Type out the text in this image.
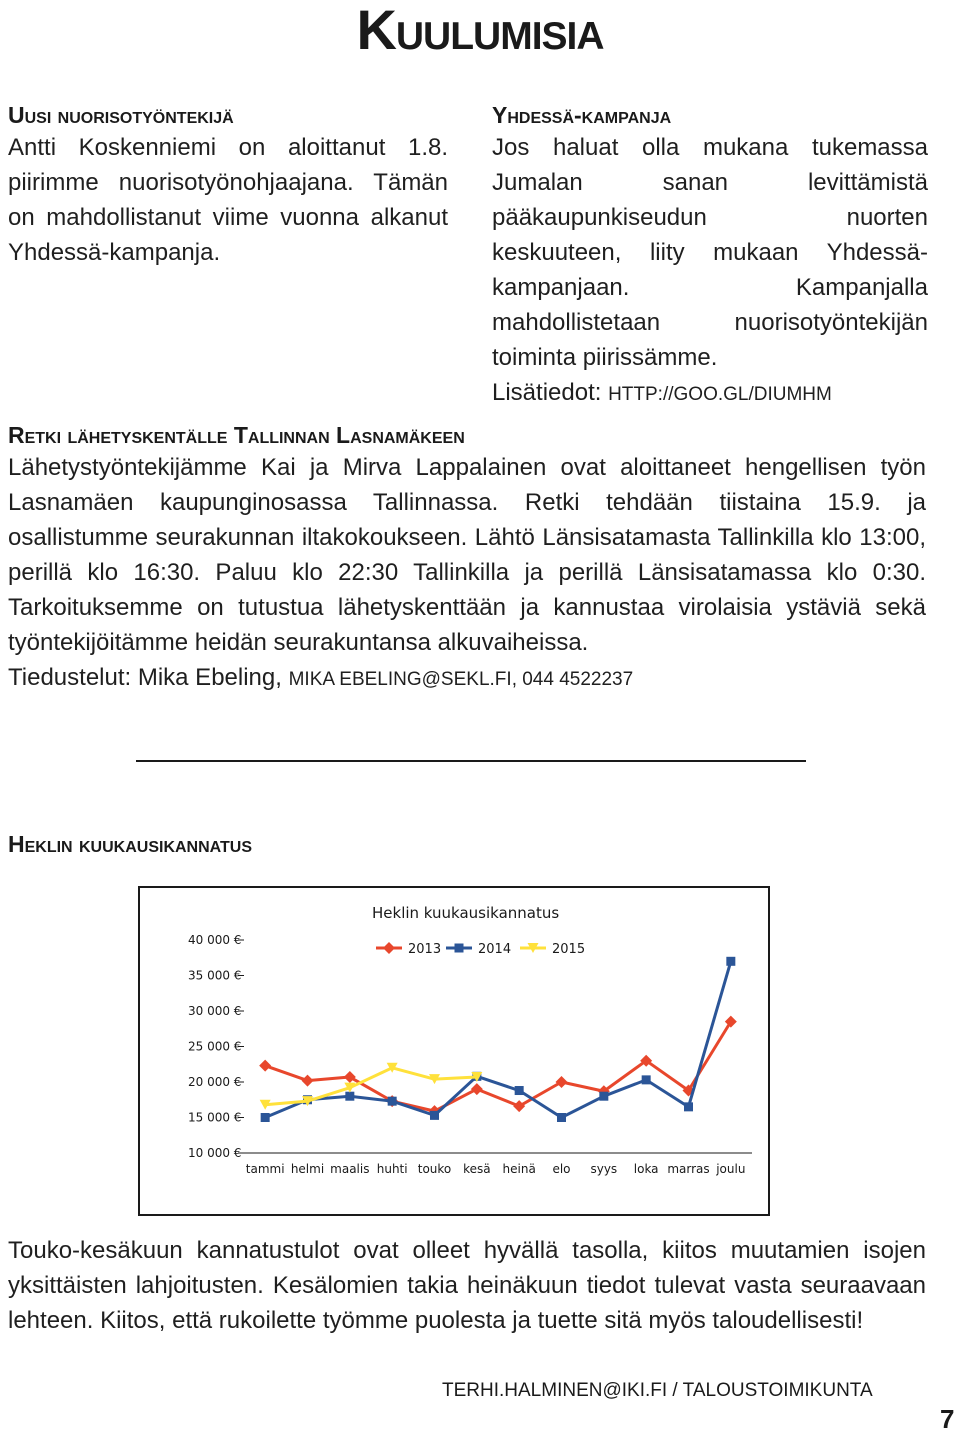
Kuulumisia
Uusi nuorisotyöntekijä

Antti Koskenniemi on aloittanut 1.8. piirimme nuorisotyönohjaajana. Tämän on mahdollistanut viime vuonna alkanut Yhdessä-kampanja.

Yhdessä-kampanja

Jos haluat olla mukana tukemassa Jumalan sanan levittämistä pääkaupunkiseudun nuorten keskuuteen, liity mukaan Yhdessä-kampanjaan. Kampanjalla mahdollistetaan nuorisotyöntekijän toiminta piirissämme.

Lisätiedot: HTTP://GOO.GL/DIUMHM

Retki lähetyskentälle Tallinnan Lasnamäkeen

Lähetystyöntekijämme Kai ja Mirva Lappalainen ovat aloittaneet hengellisen työn Lasnamäen kaupunginosassa Tallinnassa. Retki tehdään tiistaina 15.9. ja osallistumme seurakunnan iltakokoukseen. Lähtö Länsisatamasta Tallinkilla klo 13:00, perillä klo 16:30. Paluu klo 22:30 Tallinkilla ja perillä Länsisatamassa klo 0:30. Tarkoituksemme on tutustua lähetyskenttään ja kannustaa virolaisia ystäviä sekä työntekijöitämme heidän seurakuntansa alkuvaiheissa.

Tiedustelut: Mika Ebeling, MIKA EBELING@SEKL.FI, 044 4522237

Heklin kuukausikannatus
Heklin kuukausikannatus
10 000 €
15 000 €
20 000 €
25 000 €
30 000 €
35 000 €
40 000 €
tammi helmi maalis huhti touko kesä heinä elo syys loka marras joulu
2013	2014	2015

Touko-kesäkuun kannatustulot ovat olleet hyvällä tasolla, kiitos muutamien isojen yksittäisten lahjoitusten. Kesälomien takia heinäkuun tiedot tulevat vasta seuraavaan lehteen. Kiitos, että rukoilette työmme puolesta ja tuette sitä myös taloudellisesti!

TERHI.HALMINEN@IKI.FI / TALOUSTOIMIKUNTA
7
